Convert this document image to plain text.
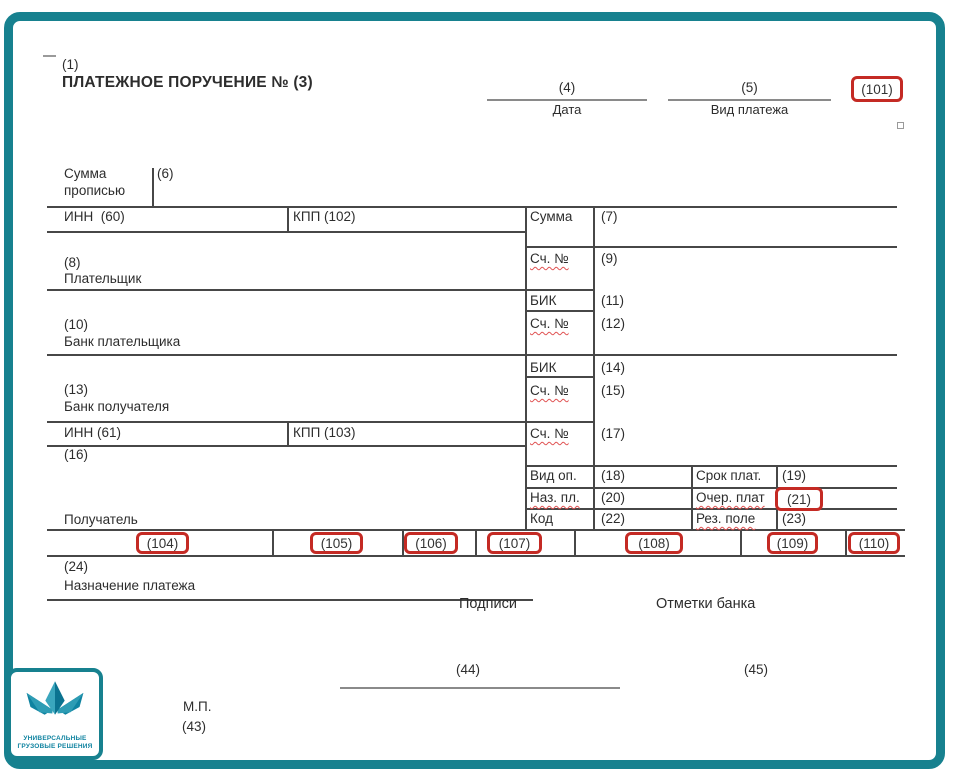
(1)
ПЛАТЕЖНОЕ ПОРУЧЕНИЕ № (3)	(4)
Дата
(5)
Вид платежа
(101)
Сумма
прописью
(6)
ИНН  (60)	КПП (102)
(8)
Плательщик
(10)
Банк плательщика
(13)
Банк получателя
ИНН (61)	КПП (103)
(16)
Получатель
Сумма (7)
Сч. № (9)
БИК	(11)
Сч. № (12)
БИК	(14)
Сч. № (15)
Сч. № (17)
Вид оп. (18)	Срок плат. (19)
Наз. пл. (20)	Очер. плат (21)
Код	(22)	Рез. поле (23)
(104)	(105)	(106)	(107)	(108)	(109)	(110)
(24)
Назначение платежа
Подписи	Отметки банка
(44)	(45)
М.П.
(43)
УНИВЕРСАЛЬНЫЕ
ГРУЗОВЫЕ РЕШЕНИЯ
